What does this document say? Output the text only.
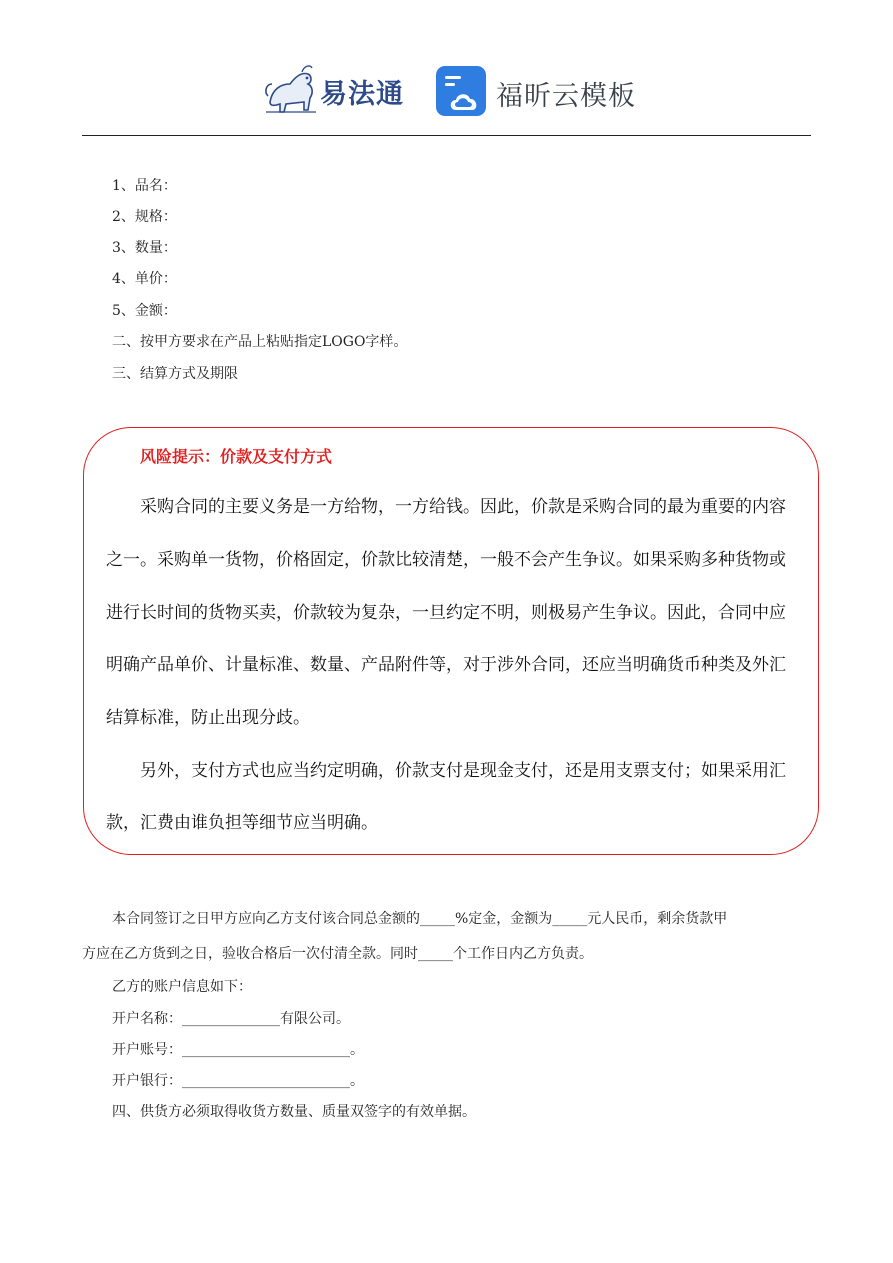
易法通	福昕云模板
1、品名：
2、规格：
3、数量：
4、单价：
5、金额：
二、按甲方要求在产品上粘贴指定LOGO字样。
三、结算方式及期限
风险提示：价款及支付方式
采购合同的主要义务是一方给物，一方给钱。因此，价款是采购合同的最为重要的内容
之一。采购单一货物，价格固定，价款比较清楚，一般不会产生争议。如果采购多种货物或
进行长时间的货物买卖，价款较为复杂，一旦约定不明，则极易产生争议。因此，合同中应
明确产品单价、计量标准、数量、产品附件等，对于涉外合同，还应当明确货币种类及外汇
结算标准，防止出现分歧。
另外，支付方式也应当约定明确，价款支付是现金支付，还是用支票支付；如果采用汇
款，汇费由谁负担等细节应当明确。
本合同签订之日甲方应向乙方支付该合同总金额的_____%定金，金额为_____元人民币，剩余货款甲
方应在乙方货到之日，验收合格后一次付清全款。同时_____个工作日内乙方负责。
乙方的账户信息如下：
开户名称：______________有限公司。
开户账号：________________________。
开户银行：________________________。
四、供货方必须取得收货方数量、质量双签字的有效单据。
